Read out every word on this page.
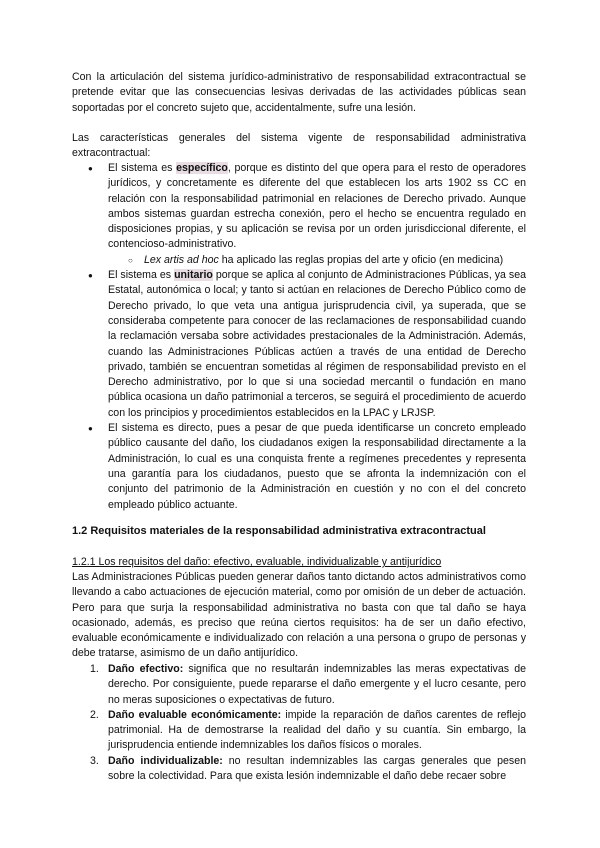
Con la articulación del sistema jurídico-administrativo de responsabilidad extracontractual se pretende evitar que las consecuencias lesivas derivadas de las actividades públicas sean soportadas por el concreto sujeto que, accidentalmente, sufre una lesión.

Las características generales del sistema vigente de responsabilidad administrativa extracontractual:

● El sistema es específico, porque es distinto del que opera para el resto de operadores jurídicos, y concretamente es diferente del que establecen los arts 1902 ss CC en relación con la responsabilidad patrimonial en relaciones de Derecho privado. Aunque ambos sistemas guardan estrecha conexión, pero el hecho se encuentra regulado en disposiciones propias, y su aplicación se revisa por un orden jurisdiccional diferente, el contencioso-administrativo.
○ Lex artis ad hoc ha aplicado las reglas propias del arte y oficio (en medicina)
● El sistema es unitario porque se aplica al conjunto de Administraciones Públicas, ya sea Estatal, autonómica o local; y tanto si actúan en relaciones de Derecho Público como de Derecho privado, lo que veta una antigua jurisprudencia civil, ya superada, que se consideraba competente para conocer de las reclamaciones de responsabilidad cuando la reclamación versaba sobre actividades prestacionales de la Administración. Además, cuando las Administraciones Públicas actúen a través de una entidad de Derecho privado, también se encuentran sometidas al régimen de responsabilidad previsto en el Derecho administrativo, por lo que si una sociedad mercantil o fundación en mano pública ocasiona un daño patrimonial a terceros, se seguirá el procedimiento de acuerdo con los principios y procedimientos establecidos en la LPAC y LRJSP.
● El sistema es directo, pues a pesar de que pueda identificarse un concreto empleado público causante del daño, los ciudadanos exigen la responsabilidad directamente a la Administración, lo cual es una conquista frente a regímenes precedentes y representa una garantía para los ciudadanos, puesto que se afronta la indemnización con el conjunto del patrimonio de la Administración en cuestión y no con el del concreto empleado público actuante.

1.2 Requisitos materiales de la responsabilidad administrativa extracontractual

1.2.1 Los requisitos del daño: efectivo, evaluable, individualizable y antijurídico

Las Administraciones Públicas pueden generar daños tanto dictando actos administrativos como llevando a cabo actuaciones de ejecución material, como por omisión de un deber de actuación. Pero para que surja la responsabilidad administrativa no basta con que tal daño se haya ocasionado, además, es preciso que reúna ciertos requisitos: ha de ser un daño efectivo, evaluable económicamente e individualizado con relación a una persona o grupo de personas y debe tratarse, asimismo de un daño antijurídico.

1. Daño efectivo: significa que no resultarán indemnizables las meras expectativas de derecho. Por consiguiente, puede repararse el daño emergente y el lucro cesante, pero no meras suposiciones o expectativas de futuro.
2. Daño evaluable económicamente: impide la reparación de daños carentes de reflejo patrimonial. Ha de demostrarse la realidad del daño y su cuantía. Sin embargo, la jurisprudencia entiende indemnizables los daños físicos o morales.
3. Daño individualizable: no resultan indemnizables las cargas generales que pesen sobre la colectividad. Para que exista lesión indemnizable el daño debe recaer sobre
